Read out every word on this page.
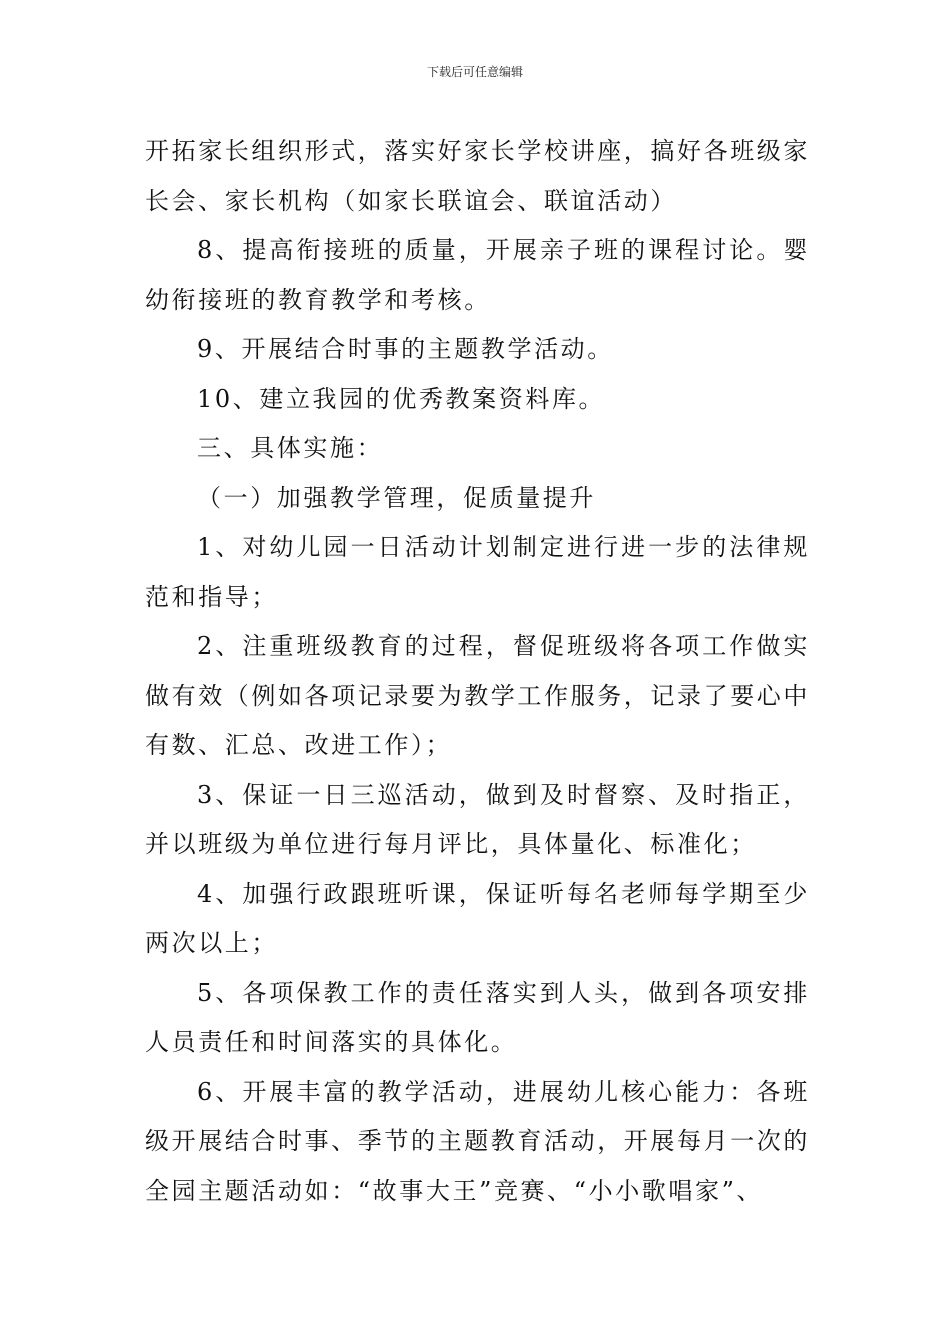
下载后可任意编辑

开拓家长组织形式，落实好家长学校讲座，搞好各班级家长会、家长机构（如家长联谊会、联谊活动）

8、提高衔接班的质量，开展亲子班的课程讨论。婴幼衔接班的教育教学和考核。

9、开展结合时事的主题教学活动。

10、建立我园的优秀教案资料库。

三、具体实施：

（一）加强教学管理，促质量提升

1、对幼儿园一日活动计划制定进行进一步的法律规范和指导；

2、注重班级教育的过程，督促班级将各项工作做实做有效（例如各项记录要为教学工作服务，记录了要心中有数、汇总、改进工作）；

3、保证一日三巡活动，做到及时督察、及时指正，并以班级为单位进行每月评比，具体量化、标准化；

4、加强行政跟班听课，保证听每名老师每学期至少两次以上；

5、各项保教工作的责任落实到人头，做到各项安排人员责任和时间落实的具体化。

6、开展丰富的教学活动，进展幼儿核心能力：各班级开展结合时事、季节的主题教育活动，开展每月一次的全园主题活动如：“故事大王”竞赛、“小小歌唱家”、
